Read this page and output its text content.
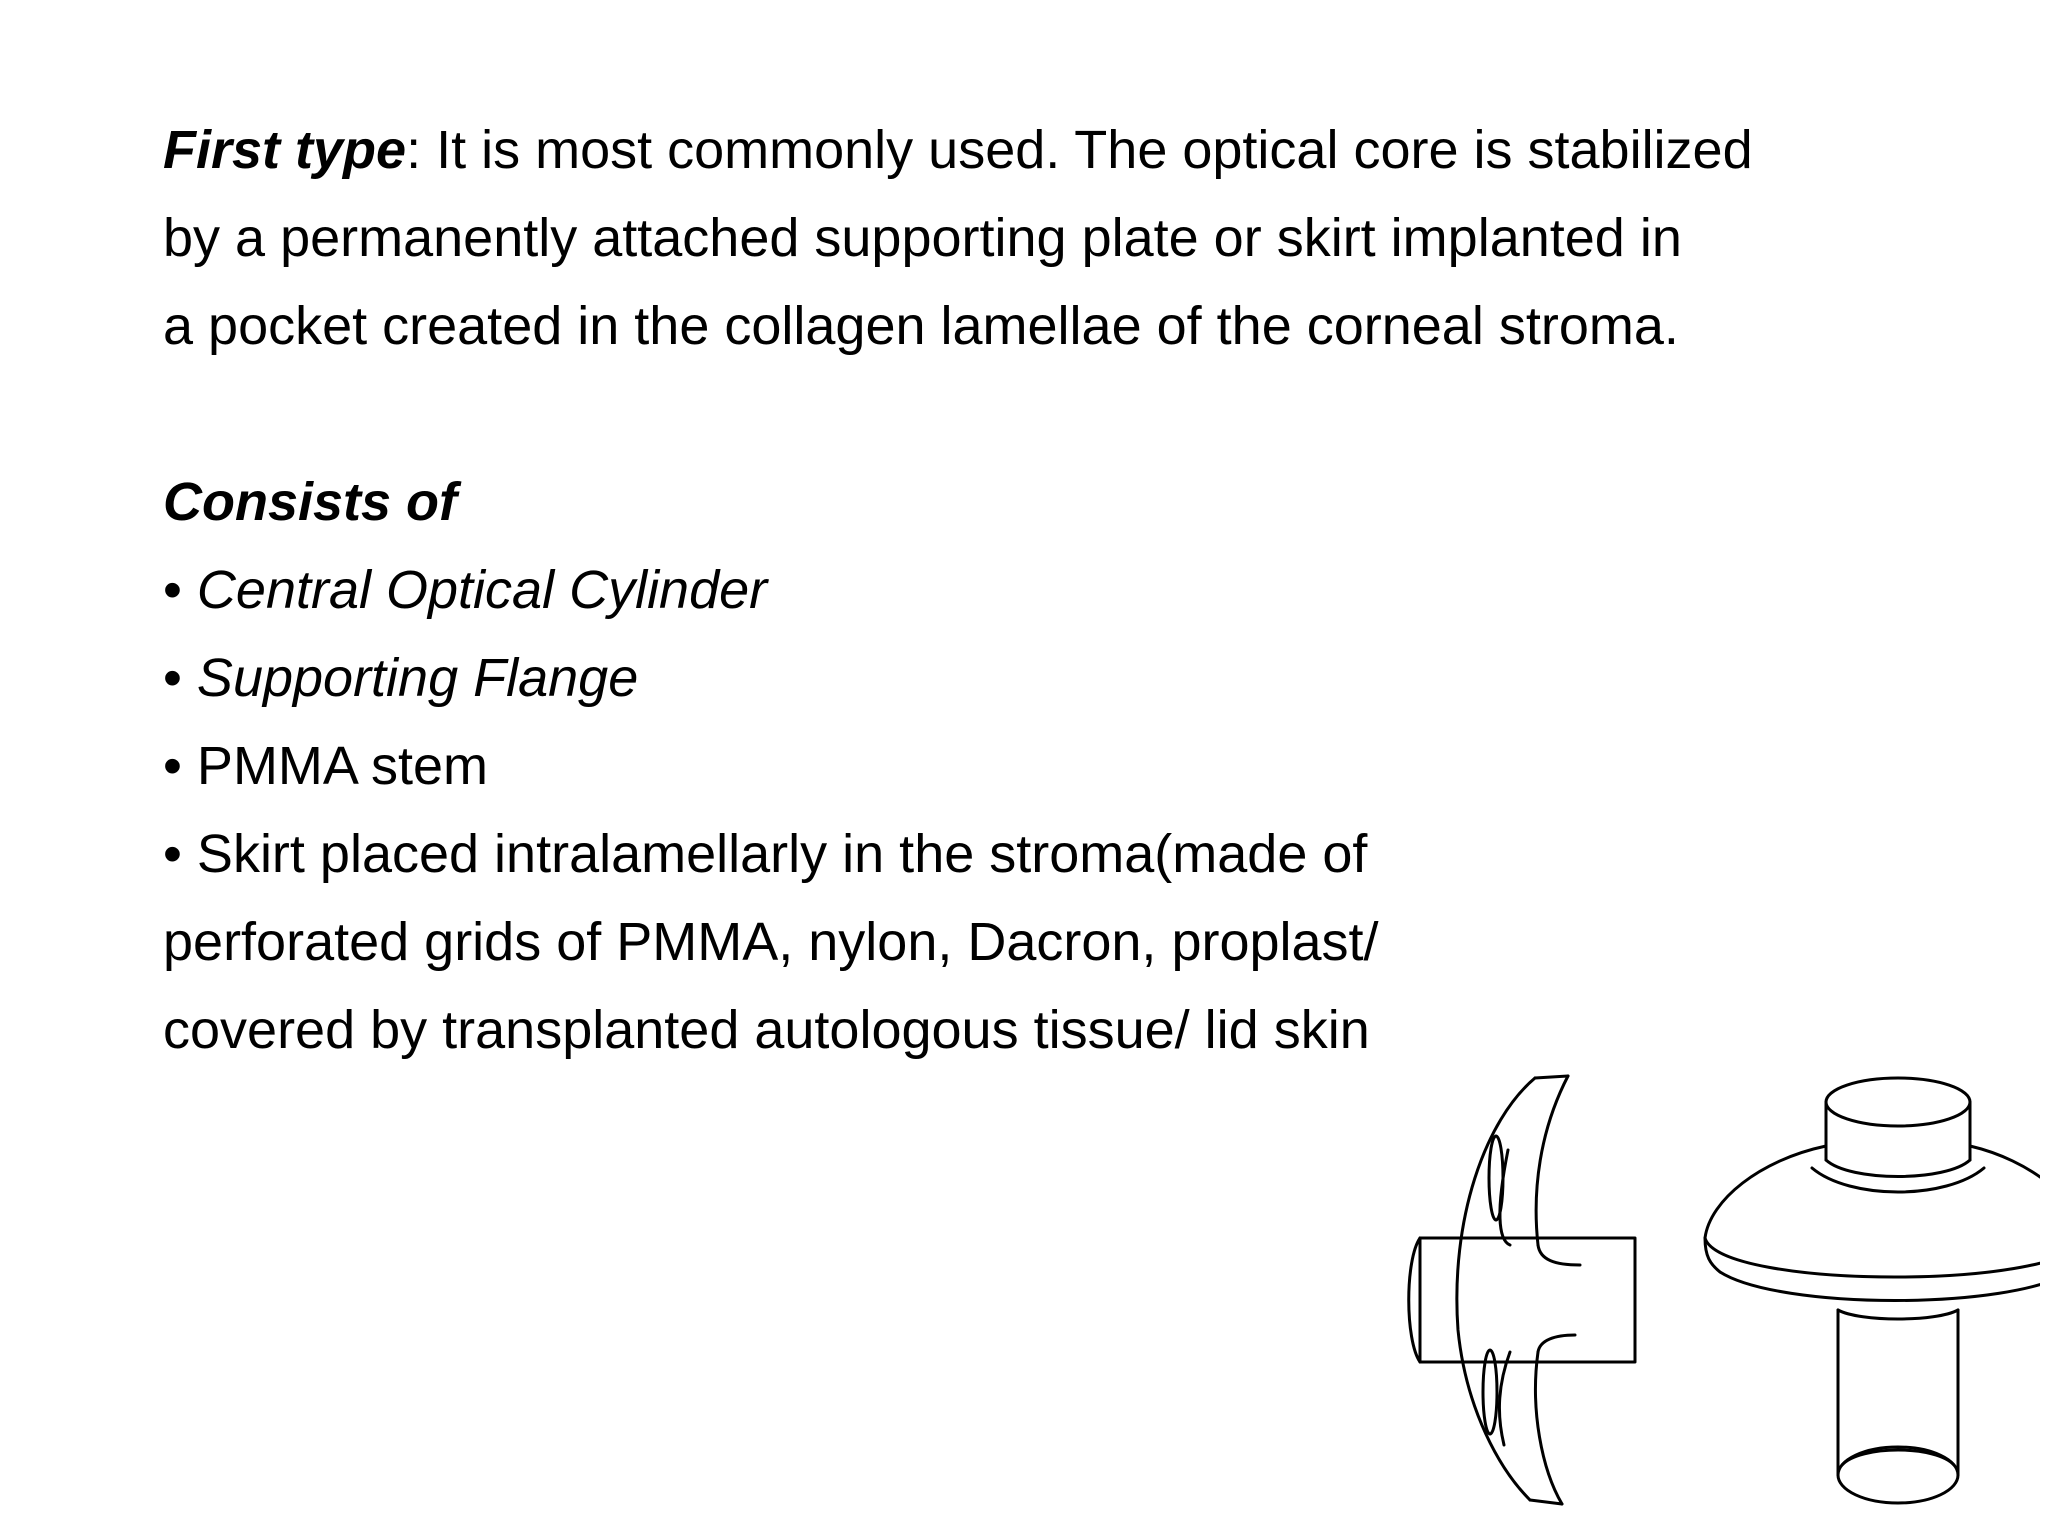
First type: It is most commonly used. The optical core is stabilized
by a permanently attached supporting plate or skirt implanted in
a pocket created in the collagen lamellae of the corneal stroma.
Consists of
• Central Optical Cylinder
• Supporting Flange
• PMMA stem
• Skirt placed intralamellarly in the stroma(made of
perforated grids of PMMA, nylon, Dacron, proplast/
covered by transplanted autologous tissue/ lid skin
